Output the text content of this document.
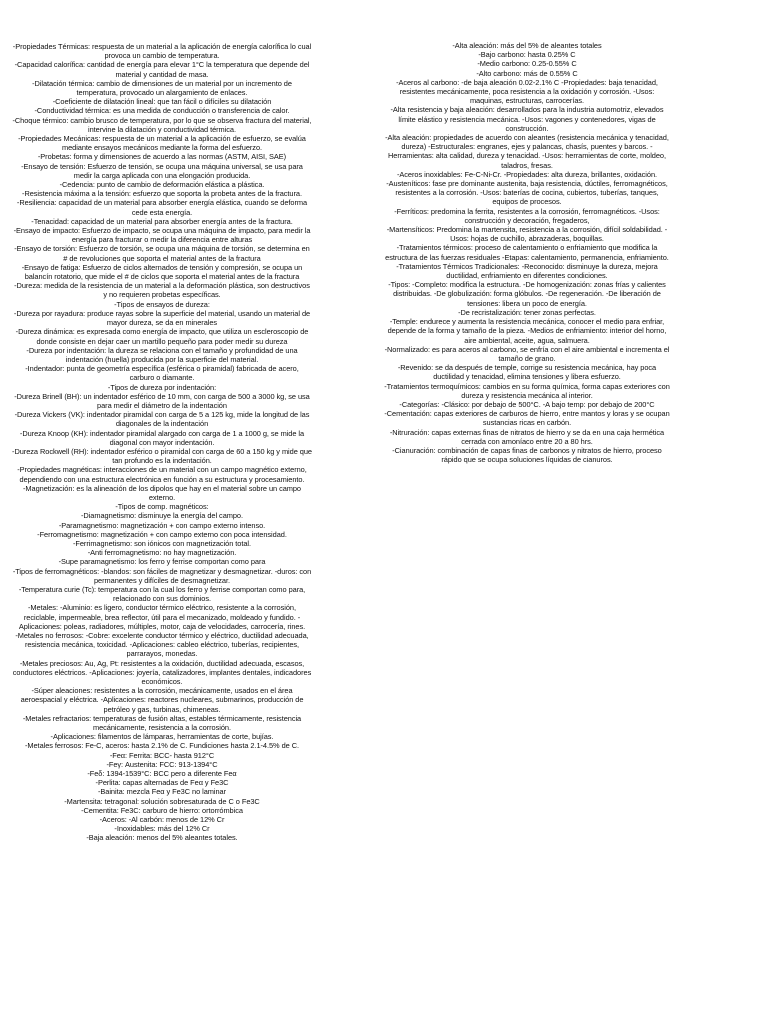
-Propiedades Térmicas: respuesta de un material a la aplicación de energía calorífica lo cual provoca un cambio de temperatura.

-Capacidad calorífica: cantidad de energía para elevar 1°C la temperatura que depende del material y cantidad de masa.

-Dilatación térmica: cambio de dimensiones de un material por un incremento de temperatura, provocado un alargamiento de enlaces.

-Coeficiente de dilatación lineal: que tan fácil o difíciles su dilatación

-Conductividad térmica: es una medida de conducción o transferencia de calor.

-Choque térmico: cambio brusco de temperatura, por lo que se observa fractura del material, intervine la dilatación y conductividad térmica.

-Propiedades Mecánicas: respuesta de un material a la aplicación de esfuerzo, se evalúa mediante ensayos mecánicos mediante la forma del esfuerzo.

-Probetas: forma y dimensiones de acuerdo a las normas (ASTM, AISI, SAE)

-Ensayo de tensión: Esfuerzo de tensión, se ocupa una máquina universal, se usa para medir la carga aplicada con una elongación producida.

-Cedencia: punto de cambio de deformación elástica a plástica.

-Resistencia máxima a la tensión: esfuerzo que soporta la probeta antes de la fractura.

-Resiliencia: capacidad de un material para absorber energía elástica, cuando se deforma cede esta energía.

-Tenacidad: capacidad de un material para absorber energía antes de la fractura.

-Ensayo de impacto: Esfuerzo de impacto, se ocupa una máquina de impacto, para medir la energía para fracturar o medir la diferencia entre alturas

-Ensayo de torsión: Esfuerzo de torsión, se ocupa una máquina de torsión, se determina en # de revoluciones que soporta el material antes de la fractura

-Ensayo de fatiga: Esfuerzo de ciclos alternados de tensión y compresión, se ocupa un balancín rotatorio, que mide el # de ciclos que soporta el material antes de la fractura

-Dureza: medida de la resistencia de un material a la deformación plástica, son destructivos y no requieren probetas específicas.

-Tipos de ensayos de dureza:

-Dureza por rayadura: produce rayas sobre la superficie del material, usando un material de mayor dureza, se da en minerales

-Dureza dinámica: es expresada como energía de impacto, que utiliza un escleroscopio de donde consiste en dejar caer un martillo pequeño para poder medir su dureza

-Dureza por indentación: la dureza se relaciona con el tamaño y profundidad de una indentación (huella) producida por la superficie del material.

-Indentador: punta de geometría específica (esférica o piramidal) fabricada de acero, carburo o diamante.

-Tipos de dureza por indentación:

-Dureza Brinell (BH): un indentador esférico de 10 mm, con carga de 500 a 3000 kg, se usa para medir el diámetro de la indentación

-Dureza Vickers (VK): indentador piramidal con carga de 5 a 125 kg, mide la longitud de las diagonales de la indentación

-Dureza Knoop (KH): indentador piramidal alargado con carga de 1 a 1000 g, se mide la diagonal con mayor indentación.

-Dureza Rockwell (RH): indentador esférico o piramidal con carga de 60 a 150 kg y mide que tan profundo es la indentación.

-Propiedades magnéticas: interacciones de un material con un campo magnético externo, dependiendo con una estructura electrónica en función a su estructura y procesamiento.

-Magnetización: es la alineación de los dipolos que hay en el material sobre un campo externo.

-Tipos de comp. magnéticos:

-Diamagnetismo: disminuye la energía del campo.

-Paramagnetismo: magnetización + con campo externo intenso.

-Ferromagnetismo: magnetización + con campo externo con poca intensidad.

-Ferrimagnetismo: son iónicos con magnetización total.

-Anti ferromagnetismo: no hay magnetización.

-Supe paramagnetismo: los ferro y ferrise comportan como para

-Tipos de ferromagnéticos: -blandos: son fáciles de magnetizar y desmagnetizar. -duros: con permanentes y difíciles de desmagnetizar.

-Temperatura curie (Tc): temperatura con la cual los ferro y ferrise comportan como para, relacionado con sus dominios.

-Metales: -Aluminio: es ligero, conductor térmico eléctrico, resistente a la corrosión, reciclable, impermeable, brea reflector, útil para el mecanizado, moldeado y fundido. -Aplicaciones: poleas, radiadores, múltiples, motor, caja de velocidades, carrocería, rines.

-Metales no ferrosos: -Cobre: excelente conductor térmico y eléctrico, ductilidad adecuada, resistencia mecánica, toxicidad. -Aplicaciones: cableo eléctrico, tuberías, recipientes, parrarayos, monedas.

-Metales preciosos: Au, Ag, Pt: resistentes a la oxidación, ductilidad adecuada, escasos, conductores eléctricos. -Aplicaciones: joyería, catalizadores, implantes dentales, indicadores económicos.

-Súper aleaciones: resistentes a la corrosión, mecánicamente, usados en el área aeroespacial y eléctrica. -Aplicaciones: reactores nucleares, submarinos, producción de petróleo y gas, turbinas, chimeneas.

-Metales refractarios: temperaturas de fusión altas, estables térmicamente, resistencia mecánicamente, resistencia a la corrosión.

-Aplicaciones: filamentos de lámparas, herramientas de corte, bujías.

-Metales ferrosos: Fe-C, aceros: hasta 2.1% de C. Fundiciones hasta 2.1-4.5% de C.

-Feα: Ferrita: BCC- hasta 912°C

-Feγ: Austenita: FCC: 913-1394°C

-Feδ: 1394-1539°C: BCC pero a diferente Feα

-Perlita: capas alternadas de Feα y Fe3C

-Bainita: mezcla Feα y Fe3C no laminar

-Martensita: tetragonal: solución sobresaturada de C o Fe3C

-Cementita: Fe3C: carburo de hierro: ortorrómbica

-Aceros: -Al carbón: menos de 12% Cr

-Inoxidables: más del 12% Cr

-Baja aleación: menos del 5% aleantes totales.

-Alta aleación: más del 5% de aleantes totales

-Bajo carbono: hasta 0.25% C

-Medio carbono: 0.25-0.55% C

-Alto carbono: más de 0.55% C

-Aceros al carbono: -de baja aleación 0.02-2.1% C -Propiedades: baja tenacidad, resistentes mecánicamente, poca resistencia a la oxidación y corrosión. -Usos: maquinas, estructuras, carrocerías.

-Alta resistencia y baja aleación: desarrollados para la industria automotriz, elevados límite elástico y resistencia mecánica. -Usos: vagones y contenedores, vigas de construcción.

-Alta aleación: propiedades de acuerdo con aleantes (resistencia mecánica y tenacidad, dureza) -Estructurales: engranes, ejes y palancas, chasís, puentes y barcos. -Herramientas: alta calidad, dureza y tenacidad. -Usos: herramientas de corte, moldeo, taladros, fresas.

-Aceros inoxidables: Fe-C-Ni-Cr. -Propiedades: alta dureza, brillantes, oxidación.

-Austeníticos: fase pre dominante austenita, baja resistencia, dúctiles, ferromagnéticos, resistentes a la corrosión. -Usos: baterías de cocina, cubiertos, tuberías, tanques, equipos de procesos.

-Ferríticos: predomina la ferrita, resistentes a la corrosión, ferromagnéticos. -Usos: construcción y decoración, fregaderos,

-Martensíticos: Predomina la martensita, resistencia a la corrosión, difícil soldabilidad. -Usos: hojas de cuchillo, abrazaderas, boquillas.

-Tratamientos térmicos: proceso de calentamiento o enfriamiento que modifica la estructura de las fuerzas residuales -Etapas: calentamiento, permanencia, enfriamiento.

-Tratamientos Térmicos Tradicionales: -Reconocido: disminuye la dureza, mejora ductilidad, enfriamiento en diferentes condiciones.

-Tipos: -Completo: modifica la estructura. -De homogenización: zonas frías y calientes distribuidas. -De globulización: forma glóbulos. -De regeneración. -De liberación de tensiones: libera un poco de energía.

-De recristalización: tener zonas perfectas.

-Temple: endurece y aumenta la resistencia mecánica, conocer el medio para enfriar, depende de la forma y tamaño de la pieza. -Medios de enfriamiento: interior del horno, aire ambiental, aceite, agua, salmuera.

-Normalizado: es para aceros al carbono, se enfría con el aire ambiental e incrementa el tamaño de grano.

-Revenido: se da después de temple, corrige su resistencia mecánica, hay poca ductilidad y tenacidad, elimina tensiones y libera esfuerzo.

-Tratamientos termoquímicos: cambios en su forma química, forma capas exteriores con dureza y resistencia mecánica al interior.

-Categorías: -Clásico: por debajo de 500°C. -A bajo temp: por debajo de 200°C

-Cementación: capas exteriores de carburos de hierro, entre mantos y loras y se ocupan sustancias ricas en carbón.

-Nitruración: capas externas finas de nitratos de hierro y se da en una caja hermética cerrada con amoníaco entre 20 a 80 hrs.

-Cianuración: combinación de capas finas de carbonos y nitratos de hierro, proceso rápido que se ocupa soluciones líquidas de cianuros.
